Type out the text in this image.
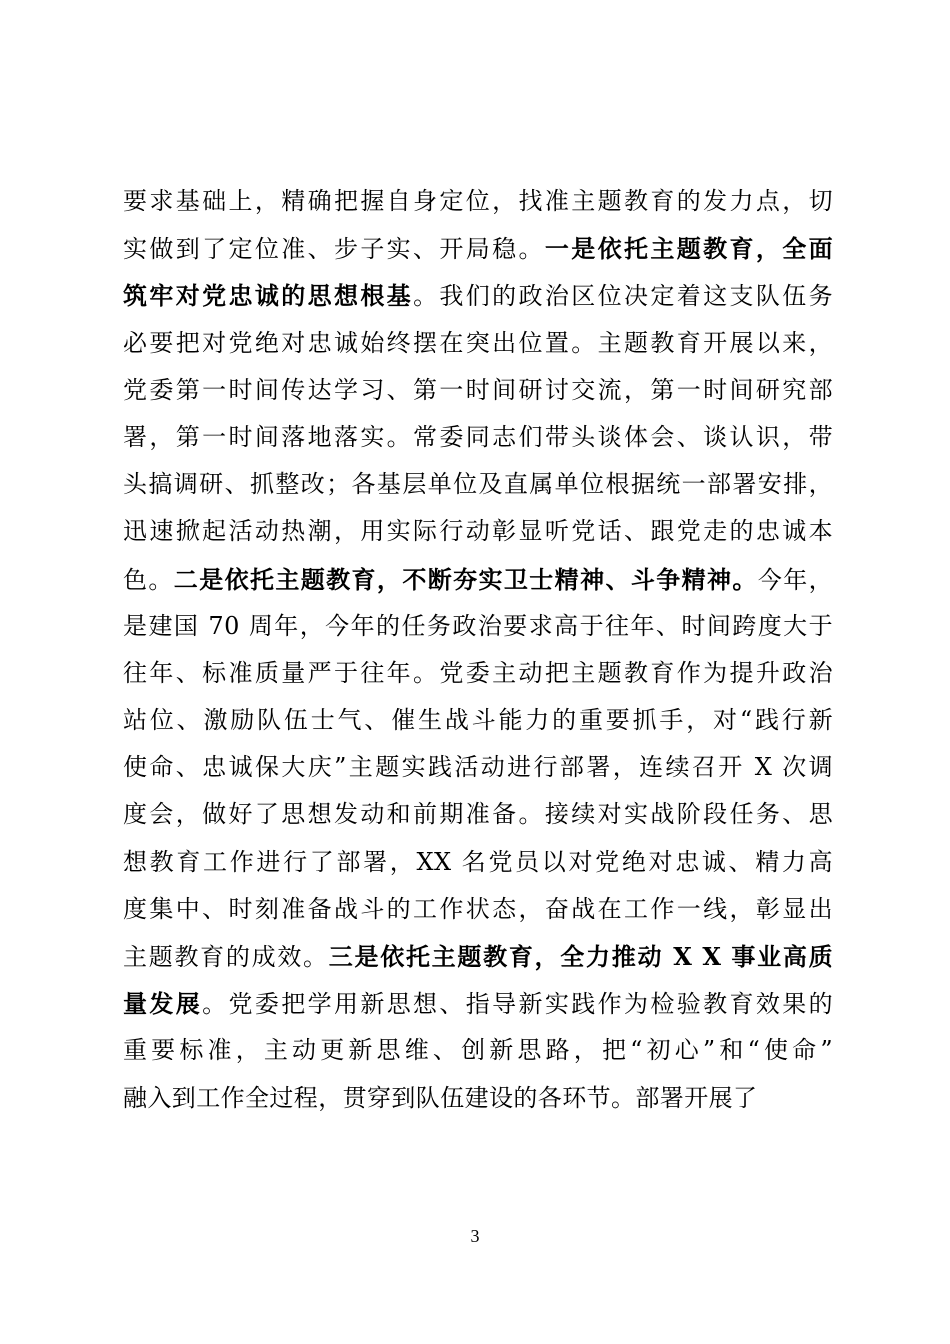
要求基础上，精确把握自身定位，找准主题教育的发力点，切
实做到了定位准、步子实、开局稳。一是依托主题教育，全面
筑牢对党忠诚的思想根基。我们的政治区位决定着这支队伍务
必要把对党绝对忠诚始终摆在突出位置。主题教育开展以来，
党委第一时间传达学习、第一时间研讨交流，第一时间研究部
署，第一时间落地落实。常委同志们带头谈体会、谈认识，带
头搞调研、抓整改；各基层单位及直属单位根据统一部署安排，
迅速掀起活动热潮，用实际行动彰显听党话、跟党走的忠诚本
色。二是依托主题教育，不断夯实卫士精神、斗争精神。今年，
是建国 70 周年，今年的任务政治要求高于往年、时间跨度大于
往年、标准质量严于往年。党委主动把主题教育作为提升政治
站位、激励队伍士气、催生战斗能力的重要抓手，对“践行新
使命、忠诚保大庆”主题实践活动进行部署，连续召开 X 次调
度会，做好了思想发动和前期准备。接续对实战阶段任务、思
想教育工作进行了部署，XX 名党员以对党绝对忠诚、精力高
度集中、时刻准备战斗的工作状态，奋战在工作一线，彰显出
主题教育的成效。三是依托主题教育，全力推动 X X 事业高质
量发展。党委把学用新思想、指导新实践作为检验教育效果的
重要标准，主动更新思维、创新思路，把“初心”和“使命”
融入到工作全过程，贯穿到队伍建设的各环节。部署开展了
3
